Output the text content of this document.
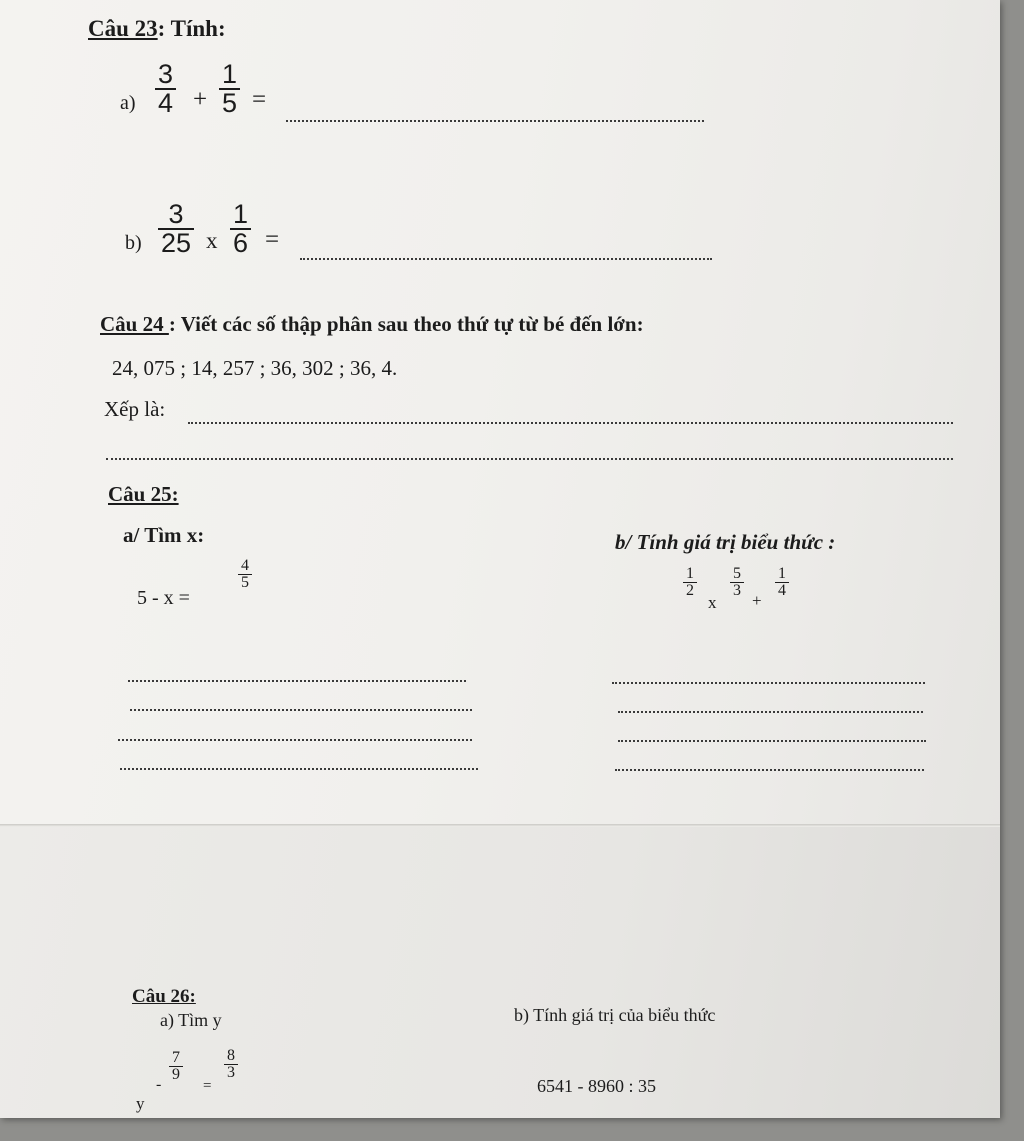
Câu 23: Tính:
a)
3
4 +
1
5 =
b)
3
25 x
1
6 =
Câu 24 : Viết các số thập phân sau theo thứ tự từ bé đến lớn:
24, 075 ; 14, 257 ; 36, 302 ; 36, 4.
Xếp là:
Câu 25:
a/ Tìm x:
5 - x =
4
5
b/ Tính giá trị biểu thức :
1
2
x
5
3
+
1
4
Câu 26:
a) Tìm y	b) Tính giá trị của biểu thức
y
-
7
9
=
8
3
6541 - 8960 : 35
